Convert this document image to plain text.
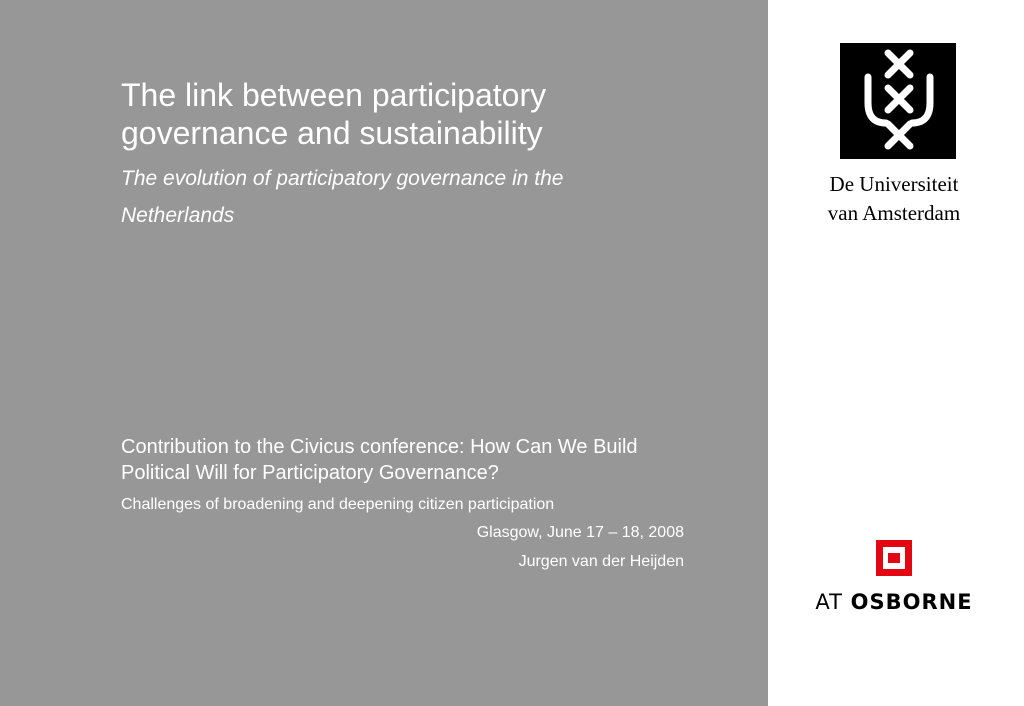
The link between participatory governance and sustainability
The evolution of participatory governance in the Netherlands

Contribution to the Civicus conference: How Can We Build Political Will for Participatory Governance?

Challenges of broadening and deepening citizen participation

Glasgow, June 17 – 18, 2008

Jurgen van der Heijden

De Universiteit
van Amsterdam
AT OSBORNE
